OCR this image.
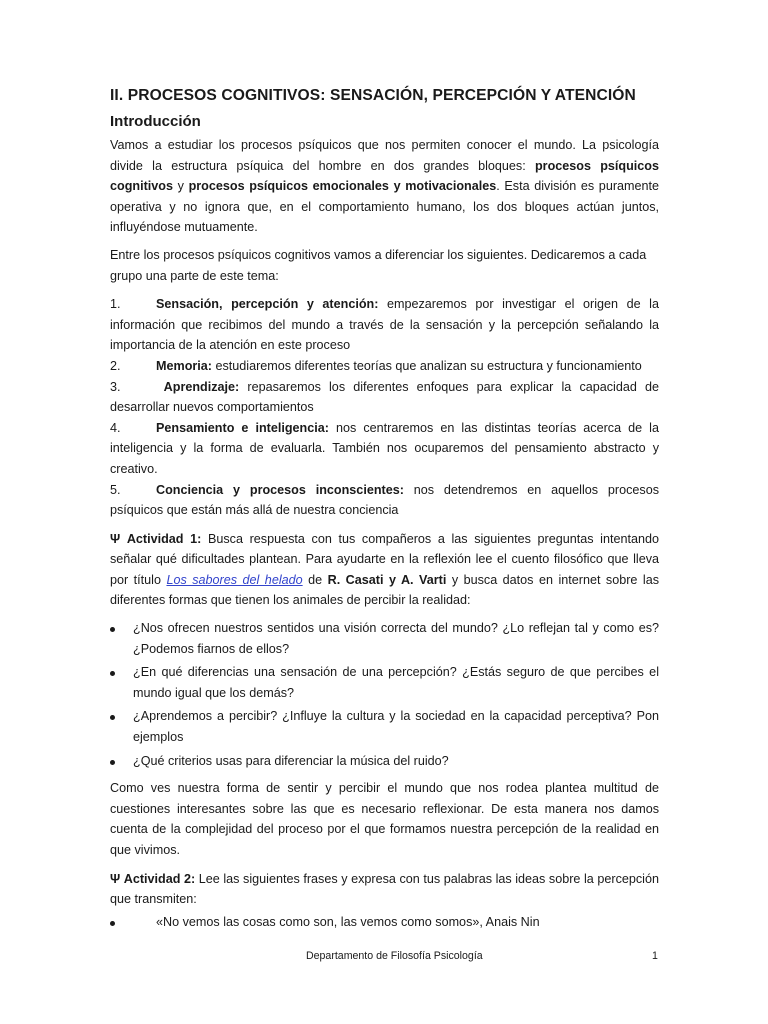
II. PROCESOS COGNITIVOS: SENSACIÓN, PERCEPCIÓN Y ATENCIÓN
Introducción

Vamos a estudiar los procesos psíquicos que nos permiten conocer el mundo. La psicología divide la estructura psíquica del hombre en dos grandes bloques: procesos psíquicos cognitivos y procesos psíquicos emocionales y motivacionales. Esta división es puramente operativa y no ignora que, en el comportamiento humano, los dos bloques actúan juntos, influyéndose mutuamente.

Entre los procesos psíquicos cognitivos vamos a diferenciar los siguientes. Dedicaremos a cada grupo una parte de este tema:

1.	Sensación, percepción y atención: empezaremos por investigar el origen de la información que recibimos del mundo a través de la sensación y la percepción señalando la importancia de la atención en este proceso
2.	Memoria: estudiaremos diferentes teorías que analizan su estructura y funcionamiento
3.	Aprendizaje: repasaremos los diferentes enfoques para explicar la capacidad de desarrollar nuevos comportamientos
4.	Pensamiento e inteligencia: nos centraremos en las distintas teorías acerca de la inteligencia y la forma de evaluarla. También nos ocuparemos del pensamiento abstracto y creativo.
5.	Conciencia y procesos inconscientes: nos detendremos en aquellos procesos psíquicos que están más allá de nuestra conciencia

Ψ Actividad 1: Busca respuesta con tus compañeros a las siguientes preguntas intentando señalar qué dificultades plantean. Para ayudarte en la reflexión lee el cuento filosófico que lleva por título Los sabores del helado de R. Casati y A. Varti y busca datos en internet sobre las diferentes formas que tienen los animales de percibir la realidad:

¿Nos ofrecen nuestros sentidos una visión correcta del mundo? ¿Lo reflejan tal y como es? ¿Podemos fiarnos de ellos?
¿En qué diferencias una sensación de una percepción? ¿Estás seguro de que percibes el mundo igual que los demás?
¿Aprendemos a percibir? ¿Influye la cultura y la sociedad en la capacidad perceptiva? Pon ejemplos
¿Qué criterios usas para diferenciar la música del ruido?

Como ves nuestra forma de sentir y percibir el mundo que nos rodea plantea multitud de cuestiones interesantes sobre las que es necesario reflexionar. De esta manera nos damos cuenta de la complejidad del proceso por el que formamos nuestra percepción de la realidad en que vivimos.

Ψ Actividad 2: Lee las siguientes frases y expresa con tus palabras las ideas sobre la percepción que transmiten:

«No vemos las cosas como son, las vemos como somos», Anais Nin
Departamento de Filosofía Psicología	1
